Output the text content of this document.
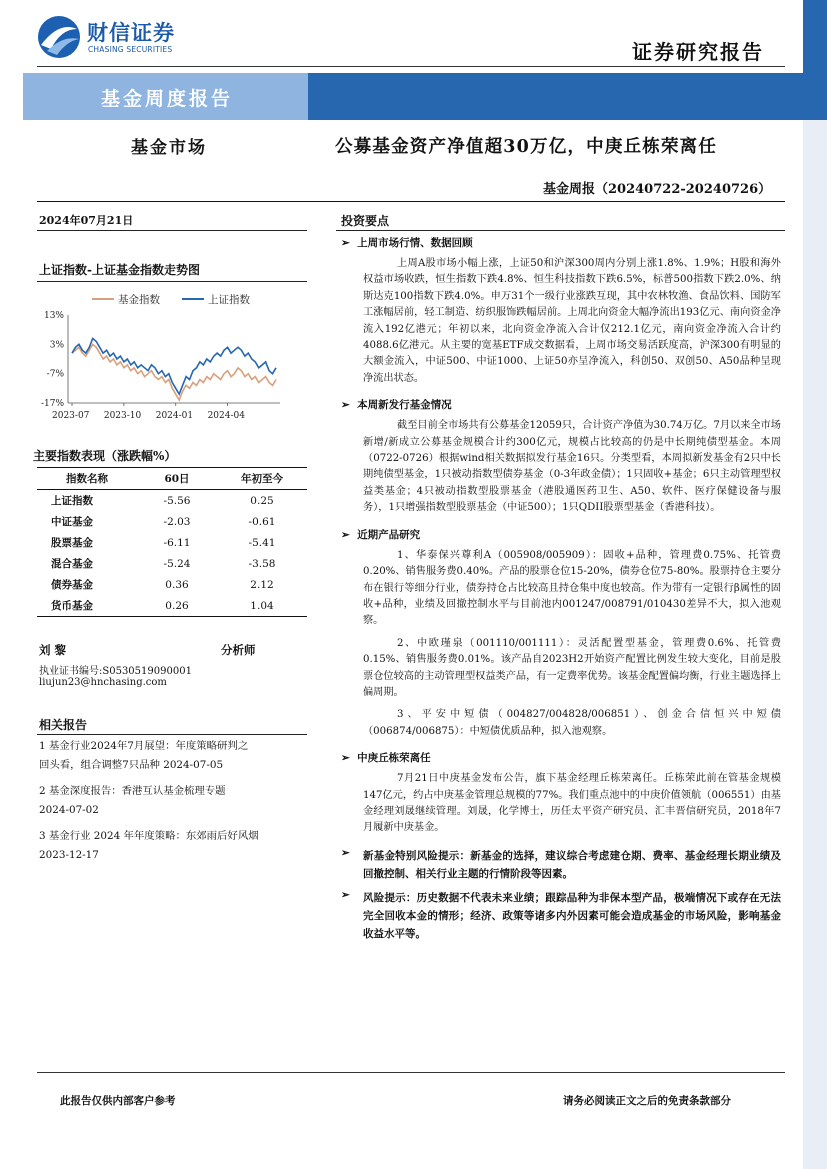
财信证券
CHASING SECURITIES	证券研究报告
基金周度报告
基金市场	公募基金资产净值超30万亿，中庚丘栋荣离任
基金周报（20240722-20240726）
2024年07月21日
上证指数-上证基金指数走势图
13%
3%
-7%
-17%
2023-07 2023-10 2024-01 2024-04
基金指数	上证指数
主要指数表现（涨跌幅%）
指数名称	60日	年初至今
上证指数	-5.56	0.25
中证基金	-2.03	-0.61
股票基金	-6.11	-5.41
混合基金	-5.24	-3.58
债券基金	0.36	2.12
货币基金	0.26	1.04
刘 黎	分析师
执业证书编号:S0530519090001
liujun23@hnchasing.com
相关报告
1 基金行业2024年7月展望：年度策略研判之
回头看，组合调整7只品种 2024-07-05
2 基金深度报告：香港互认基金梳理专题
2024-07-02
3 基金行业 2024 年年度策略：东郊雨后好风烟
2023-12-17
投资要点
➢ 上周市场行情、数据回顾
上周A股市场小幅上涨，上证50和沪深300周内分别上涨1.8%、1.9%；H股和海外权益市场收跌，恒生指数下跌4.8%、恒生科技指数下跌6.5%，标普500指数下跌2.0%、纳斯达克100指数下跌4.0%。申万31个一级行业涨跌互现，其中农林牧渔、食品饮料、国防军工涨幅居前，轻工制造、纺织服饰跌幅居前。上周北向资金大幅净流出193亿元、南向资金净流入192亿港元；年初以来，北向资金净流入合计仅212.1亿元，南向资金净流入合计约4088.6亿港元。从主要的宽基ETF成交数据看，上周市场交易活跃度高，沪深300有明显的大额金流入，中证500、中证1000、上证50亦呈净流入，科创50、双创50、A50品种呈现净流出状态。
➢ 本周新发行基金情况
截至目前全市场共有公募基金12059只，合计资产净值为30.74万亿。7月以来全市场新增/新成立公募基金规模合计约300亿元，规模占比较高的仍是中长期纯债型基金。本周（0722-0726）根据wind相关数据拟发行基金16只。分类型看，本周拟新发基金有2只中长期纯债型基金，1只被动指数型债券基金（0-3年政金债）；1只固收+基金；6只主动管理型权益类基金；4只被动指数型股票基金（港股通医药卫生、A50、软件、医疗保健设备与服务），1只增强指数型股票基金（中证500）；1只QDII股票型基金（香港科技）。
➢ 近期产品研究
1、华泰保兴尊利A（005908/005909）：固收+品种，管理费0.75%、托管费0.20%、销售服务费0.40%。产品的股票仓位15-20%，债券仓位75-80%。股票持仓主要分布在银行等细分行业，债券持仓占比较高且持仓集中度也较高。作为带有一定银行β属性的固收+品种，业绩及回撤控制水平与目前池内001247/008791/010430差异不大，拟入池观察。
2、中欧瑾泉（001110/001111）：灵活配置型基金，管理费0.6%、托管费0.15%、销售服务费0.01%。该产品自2023H2开始资产配置比例发生较大变化，目前是股票仓位较高的主动管理型权益类产品，有一定费率优势。该基金配置偏均衡，行业主题选择上偏周期。
3、平安中短债（004827/004828/006851）、创金合信恒兴中短债（006874/006875）：中短债优质品种，拟入池观察。
➢ 中庚丘栋荣离任
7月21日中庚基金发布公告，旗下基金经理丘栋荣离任。丘栋荣此前在管基金规模147亿元，约占中庚基金管理总规模的77%。我们重点池中的中庚价值领航（006551）由基金经理刘晟继续管理。刘晟，化学博士，历任太平资产研究员、汇丰晋信研究员，2018年7月履新中庚基金。
➢	新基金特别风险提示：新基金的选择，建议综合考虑建仓期、费率、基金经理长期业绩及回撤控制、相关行业主题的行情阶段等因素。
➢	风险提示：历史数据不代表未来业绩；跟踪品种为非保本型产品，极端情况下或存在无法完全回收本金的情形；经济、政策等诸多内外因素可能会造成基金的市场风险，影响基金收益水平等。
此报告仅供内部客户参考	请务必阅读正文之后的免责条款部分
